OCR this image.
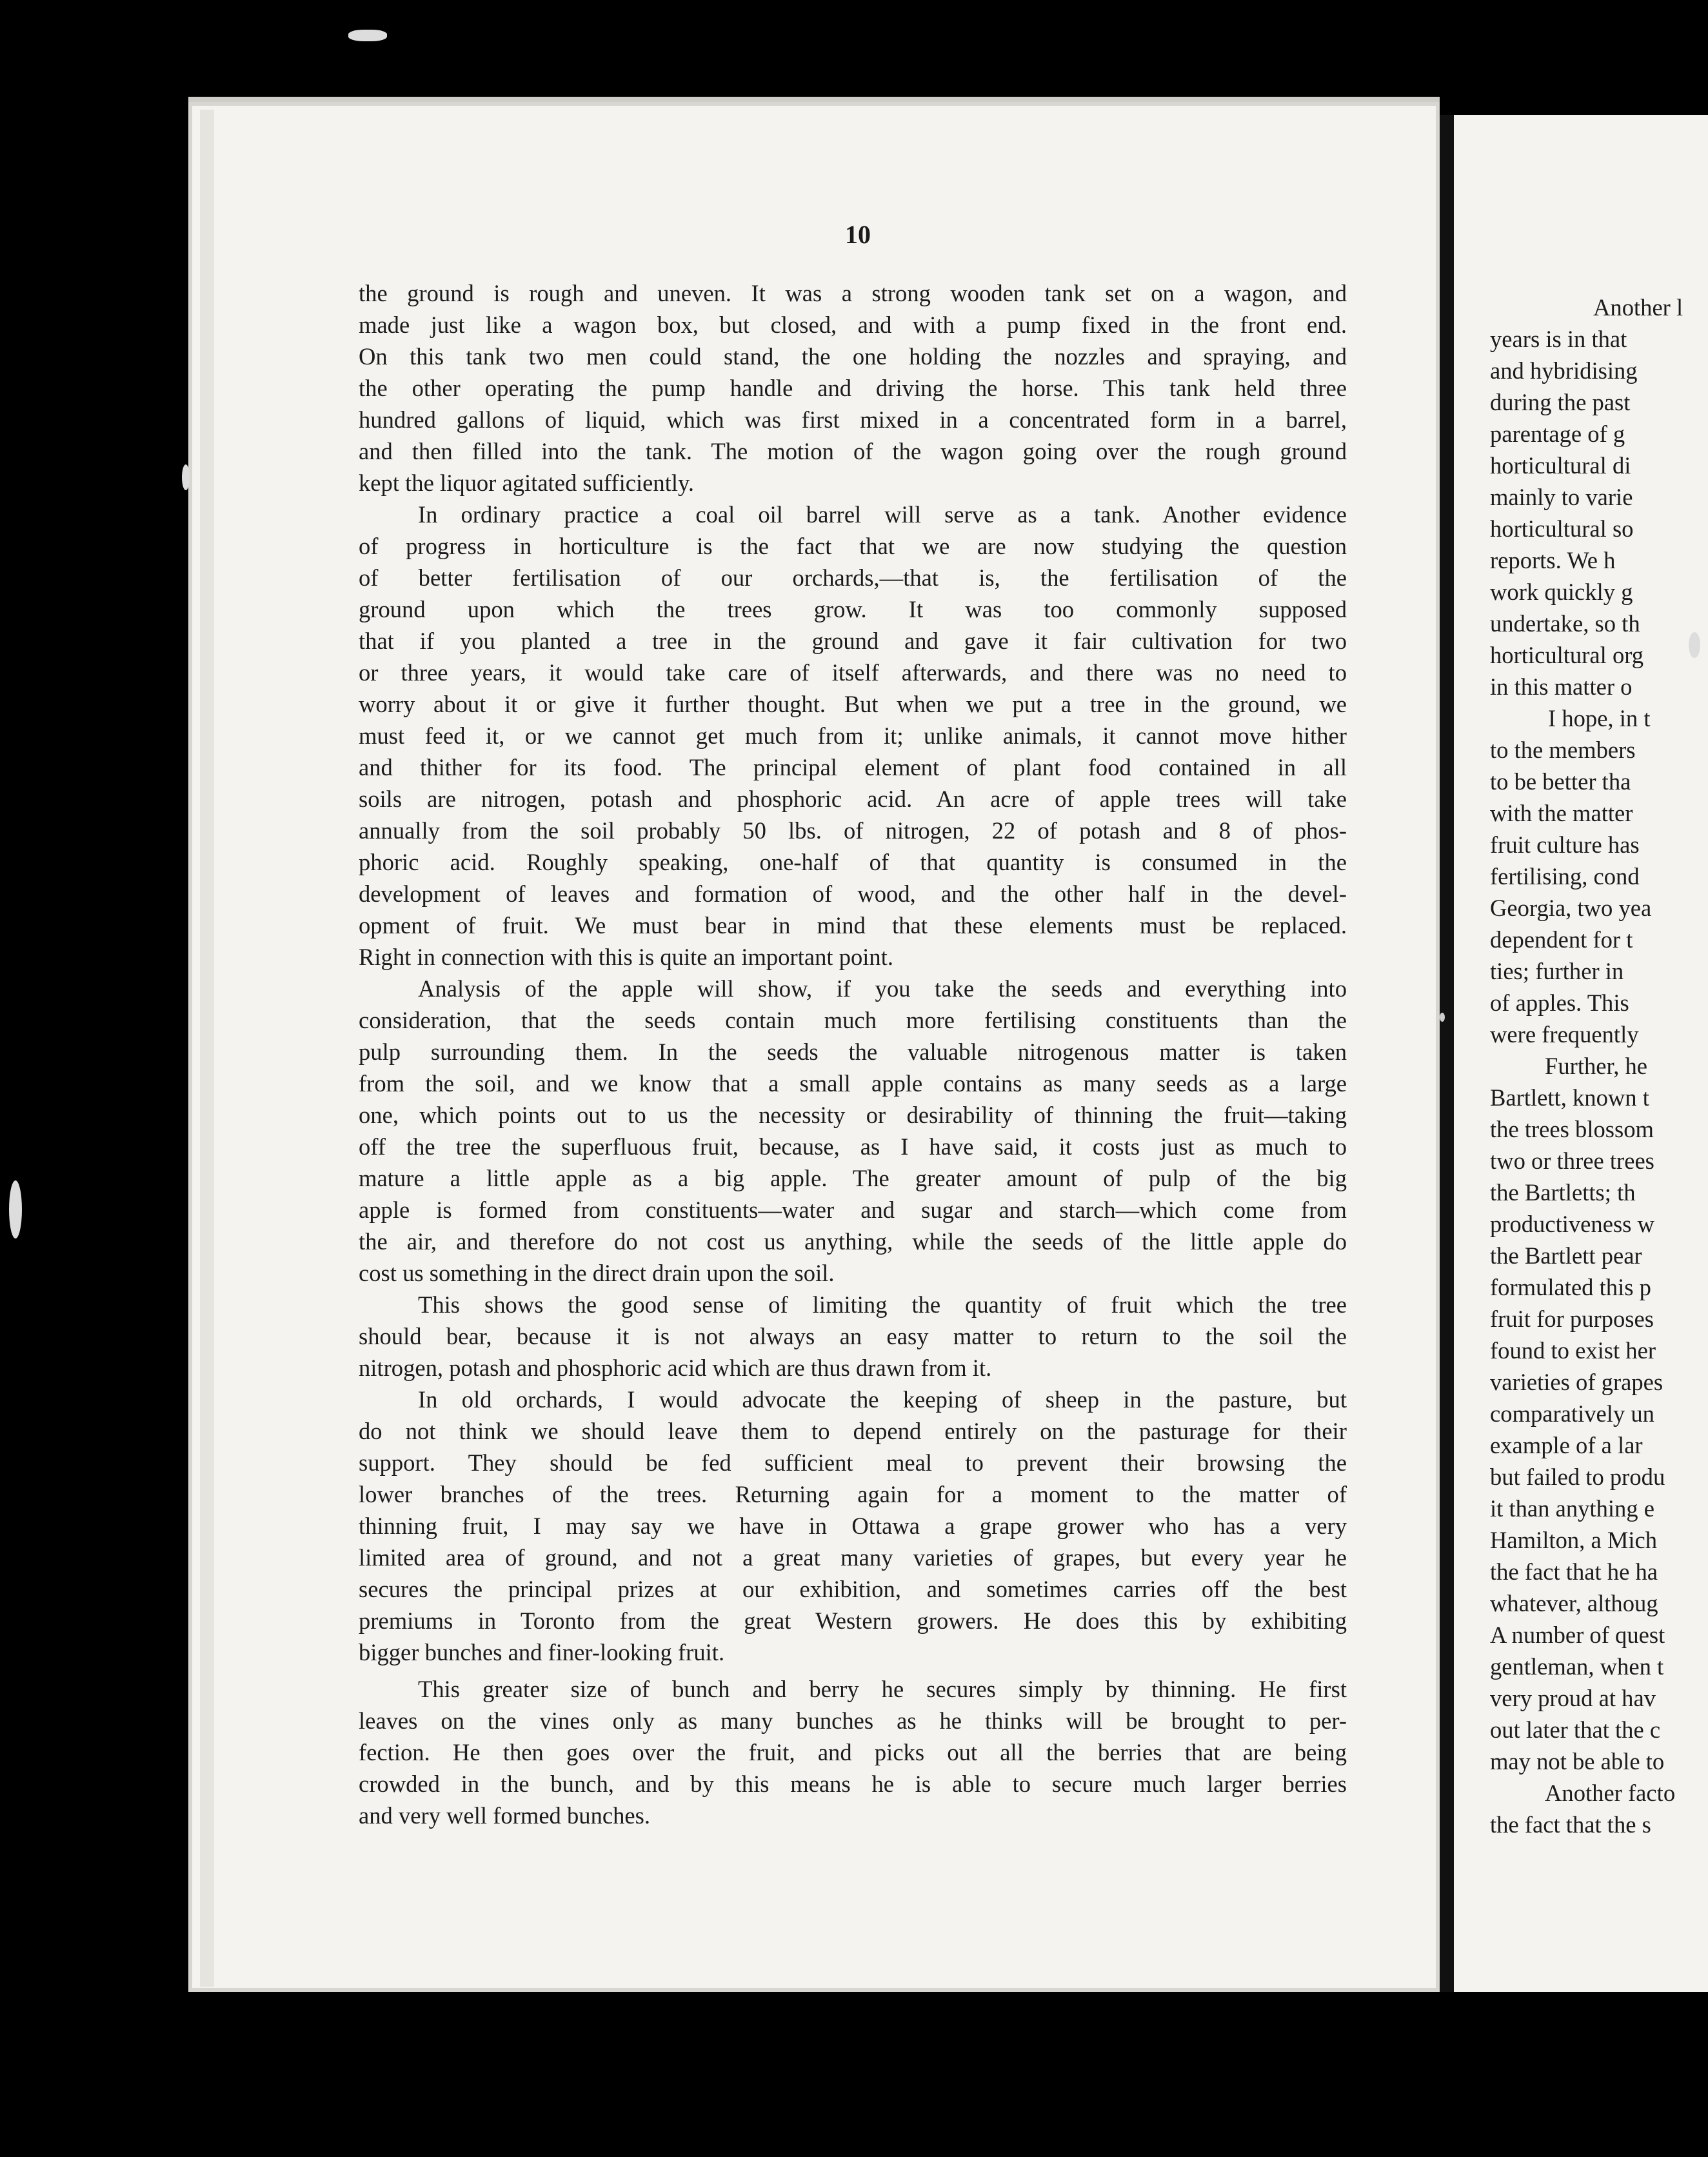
10

the ground is rough and uneven. It was a strong wooden tank set on a wagon, and
made just like a wagon box, but closed, and with a pump fixed in the front end.
On this tank two men could stand, the one holding the nozzles and spraying, and
the other operating the pump handle and driving the horse. This tank held three
hundred gallons of liquid, which was first mixed in a concentrated form in a barrel,
and then filled into the tank. The motion of the wagon going over the rough ground
kept the liquor agitated sufficiently.

In ordinary practice a coal oil barrel will serve as a tank. Another evidence
of progress in horticulture is the fact that we are now studying the question
of better fertilisation of our orchards,—that is, the fertilisation of the
ground upon which the trees grow. It was too commonly supposed
that if you planted a tree in the ground and gave it fair cultivation for two
or three years, it would take care of itself afterwards, and there was no need to
worry about it or give it further thought. But when we put a tree in the ground, we
must feed it, or we cannot get much from it; unlike animals, it cannot move hither
and thither for its food. The principal element of plant food contained in all
soils are nitrogen, potash and phosphoric acid. An acre of apple trees will take
annually from the soil probably 50 lbs. of nitrogen, 22 of potash and 8 of phos-
phoric acid. Roughly speaking, one-half of that quantity is consumed in the
development of leaves and formation of wood, and the other half in the devel-
opment of fruit. We must bear in mind that these elements must be replaced.
Right in connection with this is quite an important point.

Analysis of the apple will show, if you take the seeds and everything into
consideration, that the seeds contain much more fertilising constituents than the
pulp surrounding them. In the seeds the valuable nitrogenous matter is taken
from the soil, and we know that a small apple contains as many seeds as a large
one, which points out to us the necessity or desirability of thinning the fruit—taking
off the tree the superfluous fruit, because, as I have said, it costs just as much to
mature a little apple as a big apple. The greater amount of pulp of the big
apple is formed from constituents—water and sugar and starch—which come from
the air, and therefore do not cost us anything, while the seeds of the little apple do
cost us something in the direct drain upon the soil.

This shows the good sense of limiting the quantity of fruit which the tree
should bear, because it is not always an easy matter to return to the soil the
nitrogen, potash and phosphoric acid which are thus drawn from it.

In old orchards, I would advocate the keeping of sheep in the pasture, but
do not think we should leave them to depend entirely on the pasturage for their
support. They should be fed sufficient meal to prevent their browsing the
lower branches of the trees. Returning again for a moment to the matter of
thinning fruit, I may say we have in Ottawa a grape grower who has a very
limited area of ground, and not a great many varieties of grapes, but every year he
secures the principal prizes at our exhibition, and sometimes carries off the best
premiums in Toronto from the great Western growers. He does this by exhibiting
bigger bunches and finer-looking fruit.

This greater size of bunch and berry he secures simply by thinning. He first
leaves on the vines only as many bunches as he thinks will be brought to per-
fection. He then goes over the fruit, and picks out all the berries that are being
crowded in the bunch, and by this means he is able to secure much larger berries
and very well formed bunches.

Another l
years is in that
and hybridising
during the past
parentage of g
horticultural di
mainly to varie
horticultural so
reports. We h
work quickly g
undertake, so th
horticultural org
in this matter o
I hope, in t
to the members
to be better tha
with the matter
fruit culture has
fertilising, cond
Georgia, two yea
dependent for t
ties; further in
of apples. This
were frequently
Further, he
Bartlett, known t
the trees blossom
two or three trees
the Bartletts; th
productiveness w
the Bartlett pear
formulated this p
fruit for purposes
found to exist her
varieties of grapes
comparatively un
example of a lar
but failed to produ
it than anything e
Hamilton, a Mich
the fact that he ha
whatever, althoug
A number of quest
gentleman, when t
very proud at hav
out later that the c
may not be able to
Another facto
the fact that the s
